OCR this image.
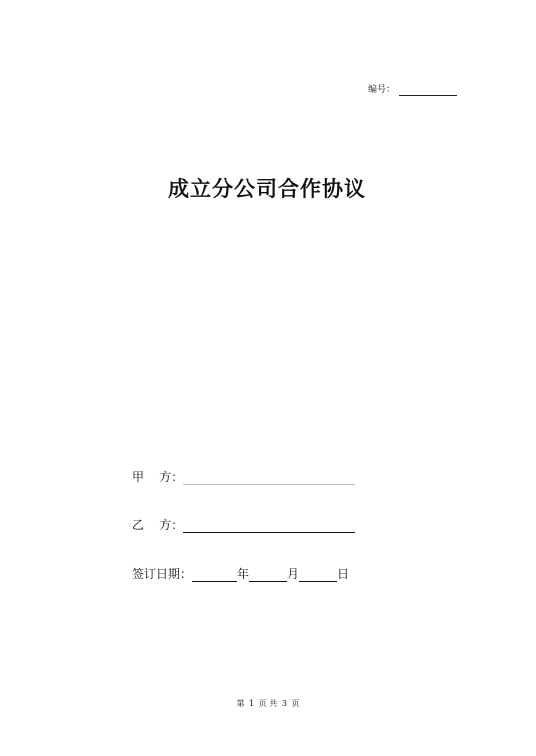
编号：
成立分公司合作协议
甲    方：
乙    方：
签订日期：	年	月	日
第 1 页 共 3 页
